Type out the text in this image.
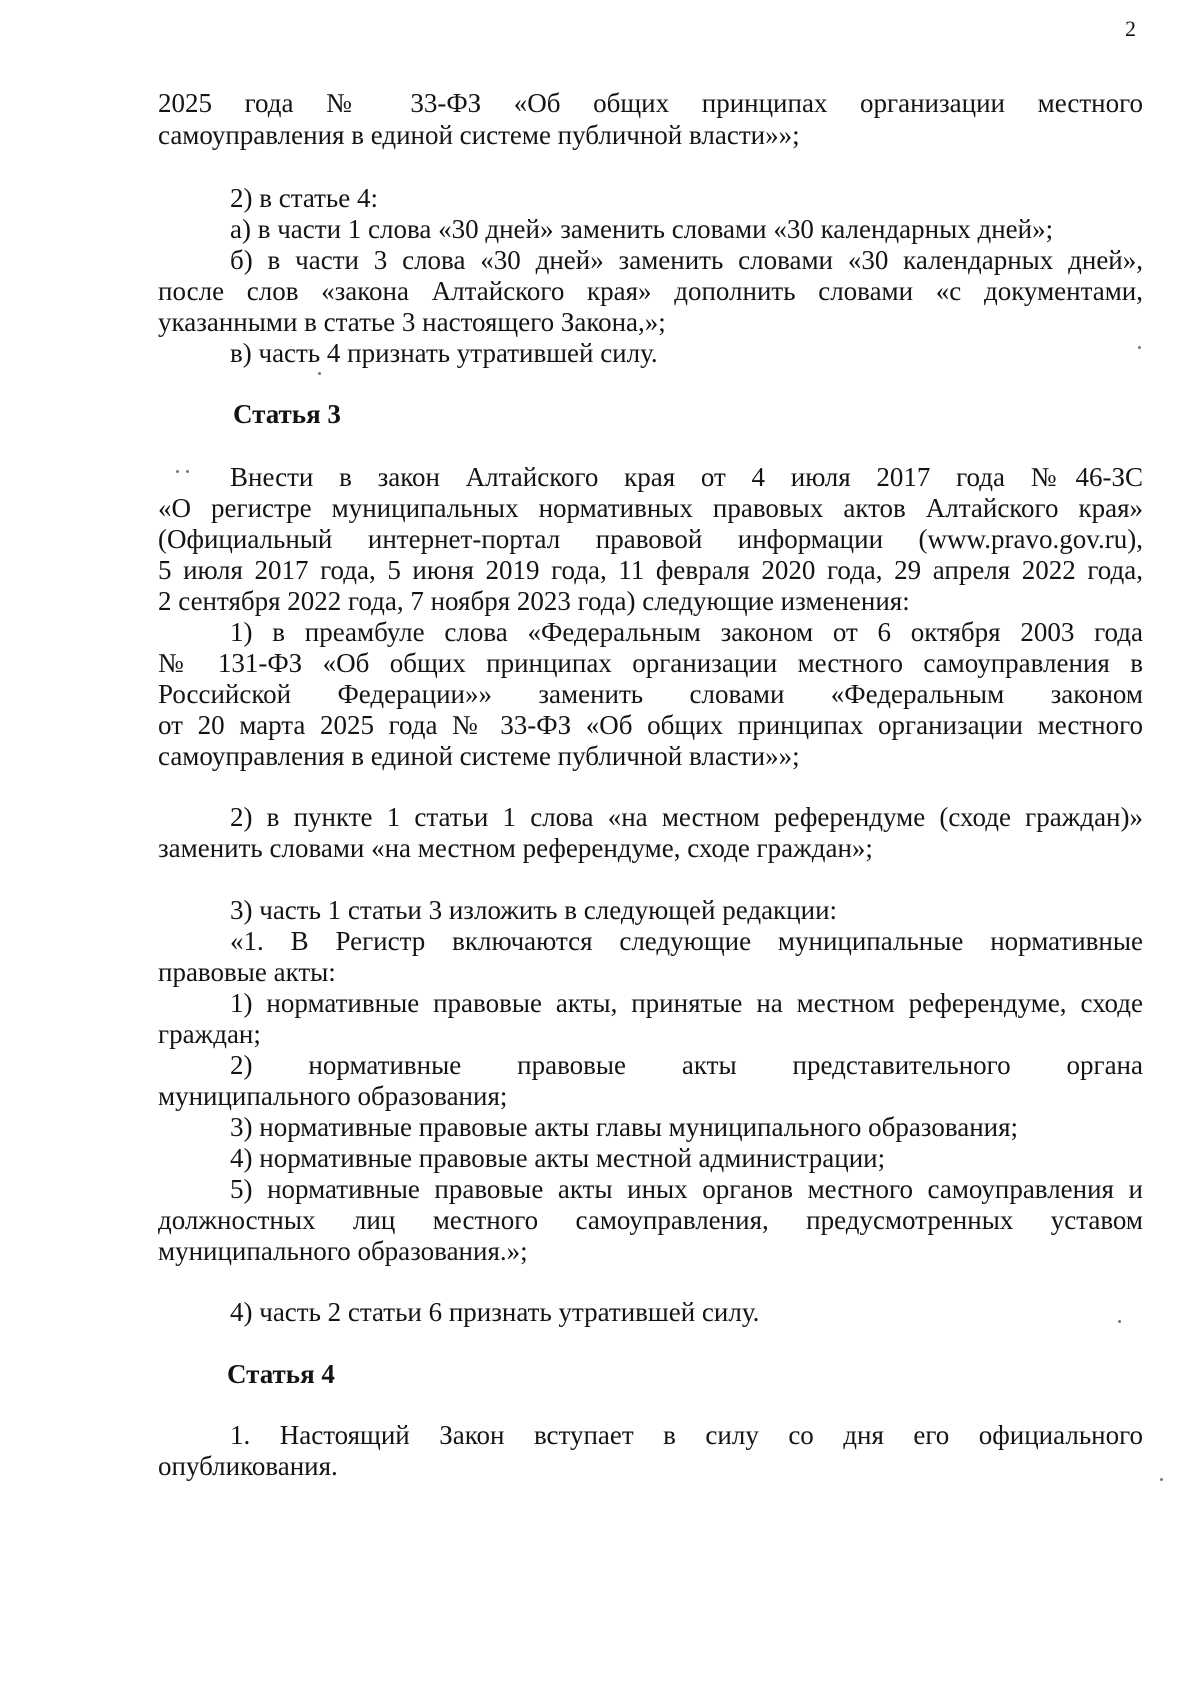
2
2025 года № 33-ФЗ «Об общих принципах организации местного
самоуправления в единой системе публичной власти»»;
2) в статье 4:
а) в части 1 слова «30 дней» заменить словами «30 календарных дней»;
б) в части 3 слова «30 дней» заменить словами «30 календарных дней»,
после слов «закона Алтайского края» дополнить словами «с документами,
указанными в статье 3 настоящего Закона,»;
в) часть 4 признать утратившей силу.
Статья 3
Внести в закон Алтайского края от 4 июля 2017 года №46-ЗС
«О регистре муниципальных нормативных правовых актов Алтайского края»
(Официальный интернет-портал правовой информации (www.pravo.gov.ru),
5 июля 2017 года, 5 июня 2019 года, 11 февраля 2020 года, 29 апреля 2022 года,
2 сентября 2022 года, 7 ноября 2023 года) следующие изменения:
1) в преамбуле слова «Федеральным законом от 6 октября 2003 года
№ 131-ФЗ «Об общих принципах организации местного самоуправления в
Российской Федерации»» заменить словами «Федеральным законом
от 20 марта 2025 года № 33-ФЗ «Об общих принципах организации местного
самоуправления в единой системе публичной власти»»;
2) в пункте 1 статьи 1 слова «на местном референдуме (сходе граждан)»
заменить словами «на местном референдуме, сходе граждан»;
3) часть 1 статьи 3 изложить в следующей редакции:
«1. В Регистр включаются следующие муниципальные нормативные
правовые акты:
1) нормативные правовые акты, принятые на местном референдуме, сходе
граждан;
2) нормативные правовые акты представительного органа
муниципального образования;
3) нормативные правовые акты главы муниципального образования;
4) нормативные правовые акты местной администрации;
5) нормативные правовые акты иных органов местного самоуправления и
должностных лиц местного самоуправления, предусмотренных уставом
муниципального образования.»;
4) часть 2 статьи 6 признать утратившей силу.
Статья 4
1. Настоящий Закон вступает в силу со дня его официального
опубликования.
